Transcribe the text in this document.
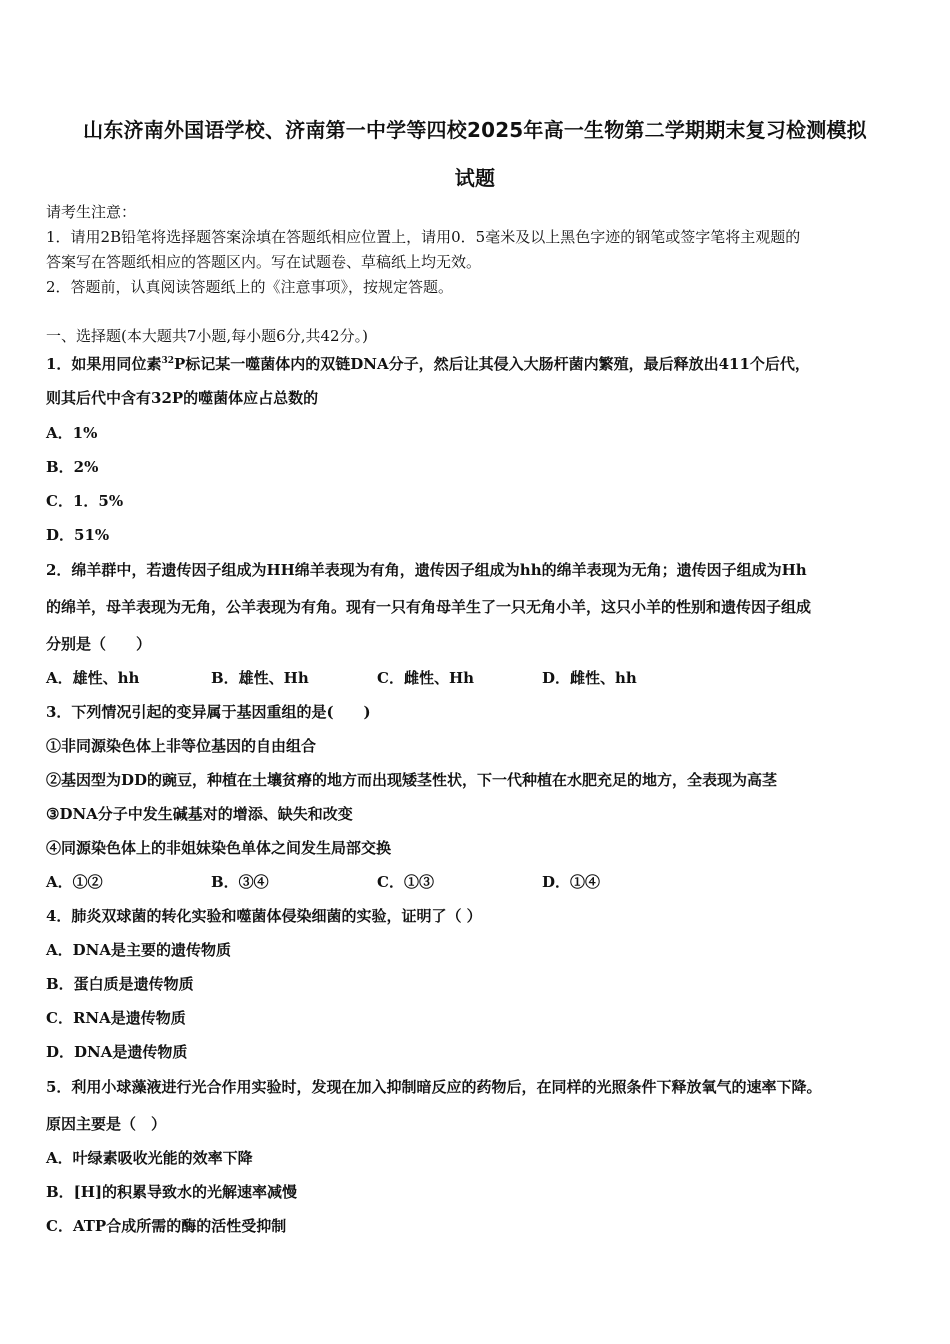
山东济南外国语学校、济南第一中学等四校2025年高一生物第二学期期末复习检测模拟
试题
请考生注意：
1．请用2B铅笔将选择题答案涂填在答题纸相应位置上，请用0．5毫米及以上黑色字迹的钢笔或签字笔将主观题的
答案写在答题纸相应的答题区内。写在试题卷、草稿纸上均无效。
2．答题前，认真阅读答题纸上的《注意事项》，按规定答题。
一、选择题(本大题共7小题,每小题6分,共42分。)
1．如果用同位素$^{32}$P标记某一噬菌体内的双链DNA分子，然后让其侵入大肠杆菌内繁殖，最后释放出411个后代，
则其后代中含有32P的噬菌体应占总数的
A．1%
B．2%
C．1．5%
D．51%
2．绵羊群中，若遗传因子组成为HH绵羊表现为有角，遗传因子组成为hh的绵羊表现为无角；遗传因子组成为Hh
的绵羊，母羊表现为无角，公羊表现为有角。现有一只有角母羊生了一只无角小羊，这只小羊的性别和遗传因子组成
分别是（　　）
A．雄性、hh	B．雄性、Hh	C．雌性、Hh	D．雌性、hh
3．下列情况引起的变异属于基因重组的是(　　)
①非同源染色体上非等位基因的自由组合
②基因型为DD的豌豆，种植在土壤贫瘠的地方而出现矮茎性状，下一代种植在水肥充足的地方，全表现为高茎
③DNA分子中发生碱基对的增添、缺失和改变
④同源染色体上的非姐妹染色单体之间发生局部交换
A．①②	B．③④	C．①③	D．①④
4．肺炎双球菌的转化实验和噬菌体侵染细菌的实验，证明了（ ）
A．DNA是主要的遗传物质
B．蛋白质是遗传物质
C．RNA是遗传物质
D．DNA是遗传物质
5．利用小球藻液进行光合作用实验时，发现在加入抑制暗反应的药物后，在同样的光照条件下释放氧气的速率下降。
原因主要是（　）
A．叶绿素吸收光能的效率下降
B．[H]的积累导致水的光解速率减慢
C．ATP合成所需的酶的活性受抑制
